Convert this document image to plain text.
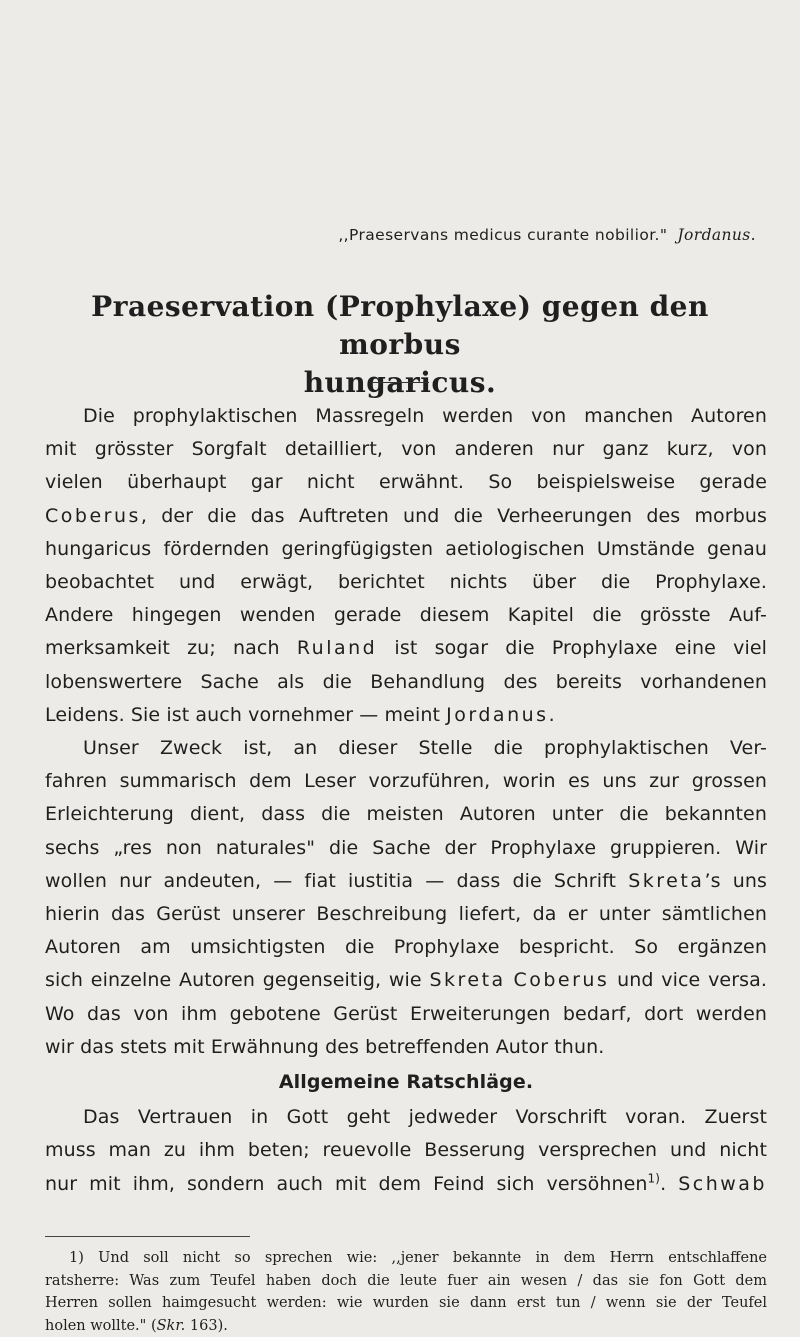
,,Praeservans medicus curante nobilior." Jordanus.
Praeservation (Prophylaxe) gegen den morbus
hungaricus.

Die prophylaktischen Massregeln werden von manchen Autoren

mit grösster Sorgfalt detailliert, von anderen nur ganz kurz, von

vielen überhaupt gar nicht erwähnt. So beispielsweise gerade

Coberus, der die das Auftreten und die Verheerungen des morbus

hungaricus fördernden geringfügigsten aetiologischen Umstände genau

beobachtet und erwägt, berichtet nichts über die Prophylaxe.

Andere hingegen wenden gerade diesem Kapitel die grösste Auf-

merksamkeit zu; nach Ruland ist sogar die Prophylaxe eine viel

lobenswertere Sache als die Behandlung des bereits vorhandenen

Leidens. Sie ist auch vornehmer — meint Jordanus.

Unser Zweck ist, an dieser Stelle die prophylaktischen Ver-

fahren summarisch dem Leser vorzuführen, worin es uns zur grossen

Erleichterung dient, dass die meisten Autoren unter die bekannten

sechs „res non naturales" die Sache der Prophylaxe gruppieren. Wir

wollen nur andeuten, — fiat iustitia — dass die Schrift Skreta’s uns

hierin das Gerüst unserer Beschreibung liefert, da er unter sämtlichen

Autoren am umsichtigsten die Prophylaxe bespricht. So ergänzen

sich einzelne Autoren gegenseitig, wie Skreta Coberus und vice versa.

Wo das von ihm gebotene Gerüst Erweiterungen bedarf, dort werden

wir das stets mit Erwähnung des betreffenden Autor thun.

Allgemeine Ratschläge.

Das Vertrauen in Gott geht jedweder Vorschrift voran. Zuerst

muss man zu ihm beten; reuevolle Besserung versprechen und nicht

nur mit ihm, sondern auch mit dem Feind sich versöhnen$^{1)}$. Schwab

1) Und soll nicht so sprechen wie: ,,jener bekannte in dem Herrn entschlaffene

ratsherre: Was zum Teufel haben doch die leute fuer ain wesen / das sie fon Gott dem

Herren sollen haimgesucht werden: wie wurden sie dann erst tun / wenn sie der Teufel

holen wollte." (Skr. 163).
